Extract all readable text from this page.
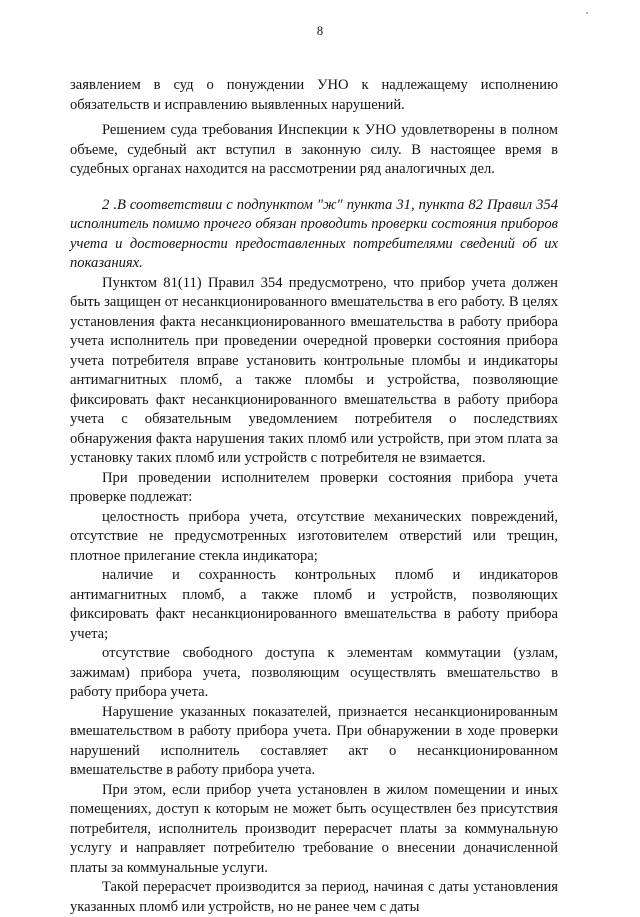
8

заявлением в суд о понуждении УНО к надлежащему исполнению обязательств и исправлению выявленных нарушений.

Решением суда требования Инспекции к УНО удовлетворены в полном объеме, судебный акт вступил в законную силу. В настоящее время в судебных органах находится на рассмотрении ряд аналогичных дел.

2 .В соответствии с подпунктом "ж" пункта 31, пункта 82 Правил 354 исполнитель помимо прочего обязан проводить проверки состояния приборов учета и достоверности предоставленных потребителями сведений об их показаниях.

Пунктом 81(11) Правил 354 предусмотрено, что прибор учета должен быть защищен от несанкционированного вмешательства в его работу. В целях установления факта несанкционированного вмешательства в работу прибора учета исполнитель при проведении очередной проверки состояния прибора учета потребителя вправе установить контрольные пломбы и индикаторы антимагнитных пломб, а также пломбы и устройства, позволяющие фиксировать факт несанкционированного вмешательства в работу прибора учета с обязательным уведомлением потребителя о последствиях обнаружения факта нарушения таких пломб или устройств, при этом плата за установку таких пломб или устройств с потребителя не взимается.

При проведении исполнителем проверки состояния прибора учета проверке подлежат:

целостность прибора учета, отсутствие механических повреждений, отсутствие не предусмотренных изготовителем отверстий или трещин, плотное прилегание стекла индикатора;

наличие и сохранность контрольных пломб и индикаторов антимагнитных пломб, а также пломб и устройств, позволяющих фиксировать факт несанкционированного вмешательства в работу прибора учета;

отсутствие свободного доступа к элементам коммутации (узлам, зажимам) прибора учета, позволяющим осуществлять вмешательство в работу прибора учета.

Нарушение указанных показателей, признается несанкционированным вмешательством в работу прибора учета. При обнаружении в ходе проверки нарушений исполнитель составляет акт о несанкционированном вмешательстве в работу прибора учета.

При этом, если прибор учета установлен в жилом помещении и иных помещениях, доступ к которым не может быть осуществлен без присутствия потребителя, исполнитель производит перерасчет платы за коммунальную услугу и направляет потребителю требование о внесении доначисленной платы за коммунальные услуги.

Такой перерасчет производится за период, начиная с даты установления указанных пломб или устройств, но не ранее чем с даты
